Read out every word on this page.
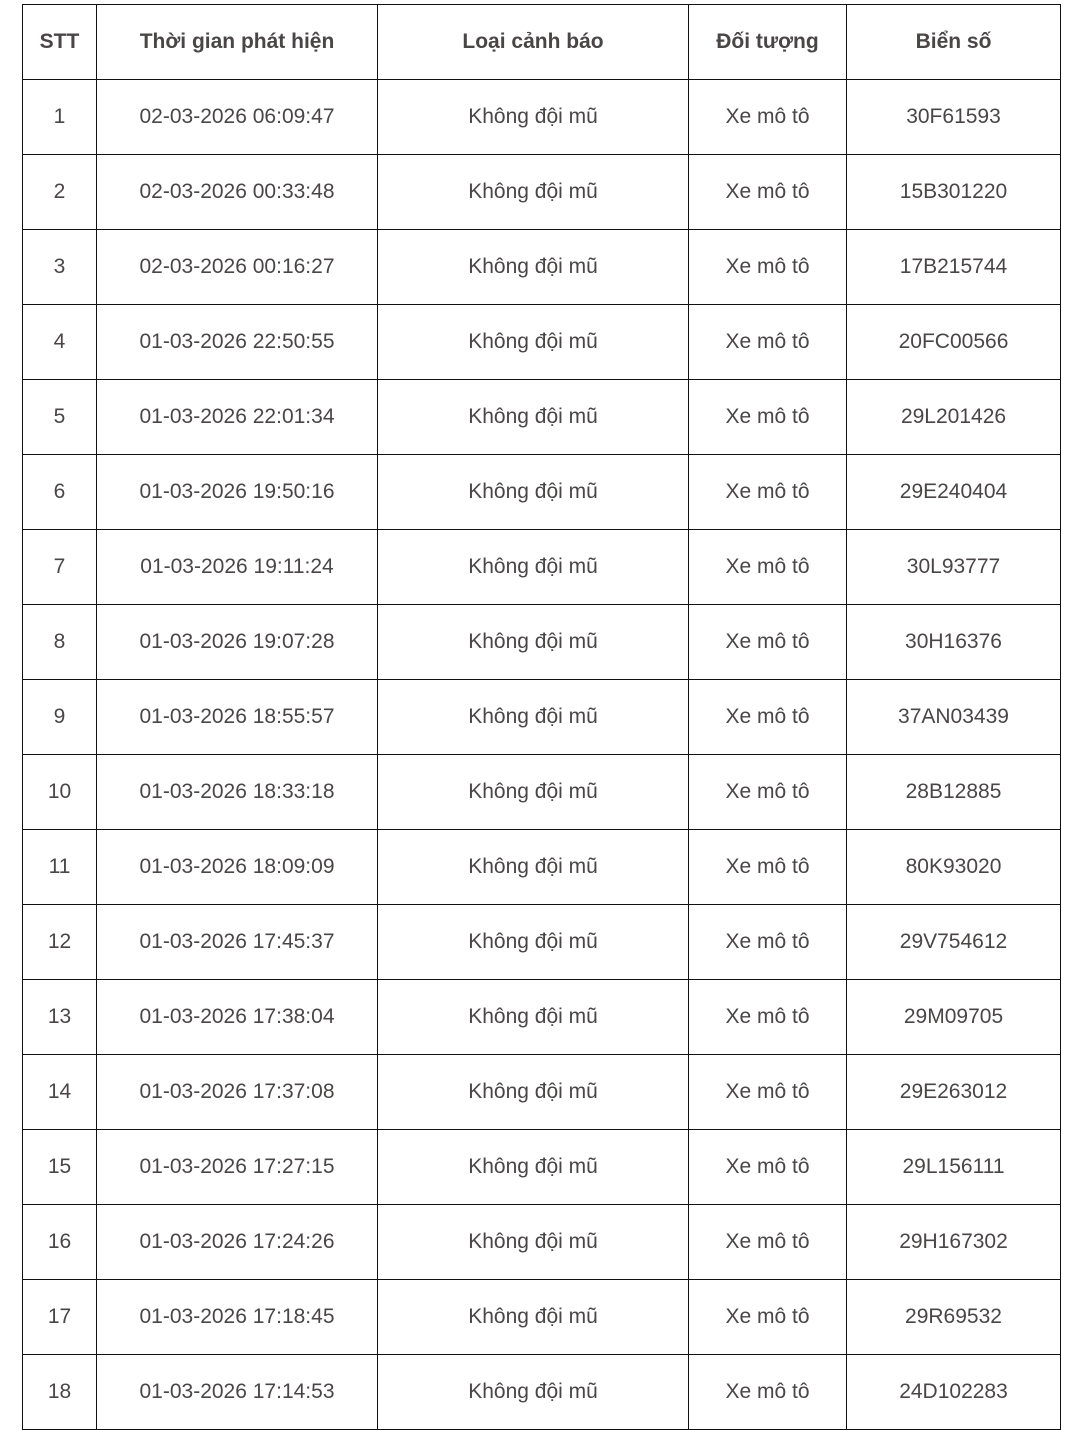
STT	Thời gian phát hiện	Loại cảnh báo	Đối tượng	Biển số
1	02-03-2026 06:09:47	Không đội mũ	Xe mô tô	30F61593
2	02-03-2026 00:33:48	Không đội mũ	Xe mô tô	15B301220
3	02-03-2026 00:16:27	Không đội mũ	Xe mô tô	17B215744
4	01-03-2026 22:50:55	Không đội mũ	Xe mô tô	20FC00566
5	01-03-2026 22:01:34	Không đội mũ	Xe mô tô	29L201426
6	01-03-2026 19:50:16	Không đội mũ	Xe mô tô	29E240404
7	01-03-2026 19:11:24	Không đội mũ	Xe mô tô	30L93777
8	01-03-2026 19:07:28	Không đội mũ	Xe mô tô	30H16376
9	01-03-2026 18:55:57	Không đội mũ	Xe mô tô	37AN03439
10	01-03-2026 18:33:18	Không đội mũ	Xe mô tô	28B12885
11	01-03-2026 18:09:09	Không đội mũ	Xe mô tô	80K93020
12	01-03-2026 17:45:37	Không đội mũ	Xe mô tô	29V754612
13	01-03-2026 17:38:04	Không đội mũ	Xe mô tô	29M09705
14	01-03-2026 17:37:08	Không đội mũ	Xe mô tô	29E263012
15	01-03-2026 17:27:15	Không đội mũ	Xe mô tô	29L156111
16	01-03-2026 17:24:26	Không đội mũ	Xe mô tô	29H167302
17	01-03-2026 17:18:45	Không đội mũ	Xe mô tô	29R69532
18	01-03-2026 17:14:53	Không đội mũ	Xe mô tô	24D102283
